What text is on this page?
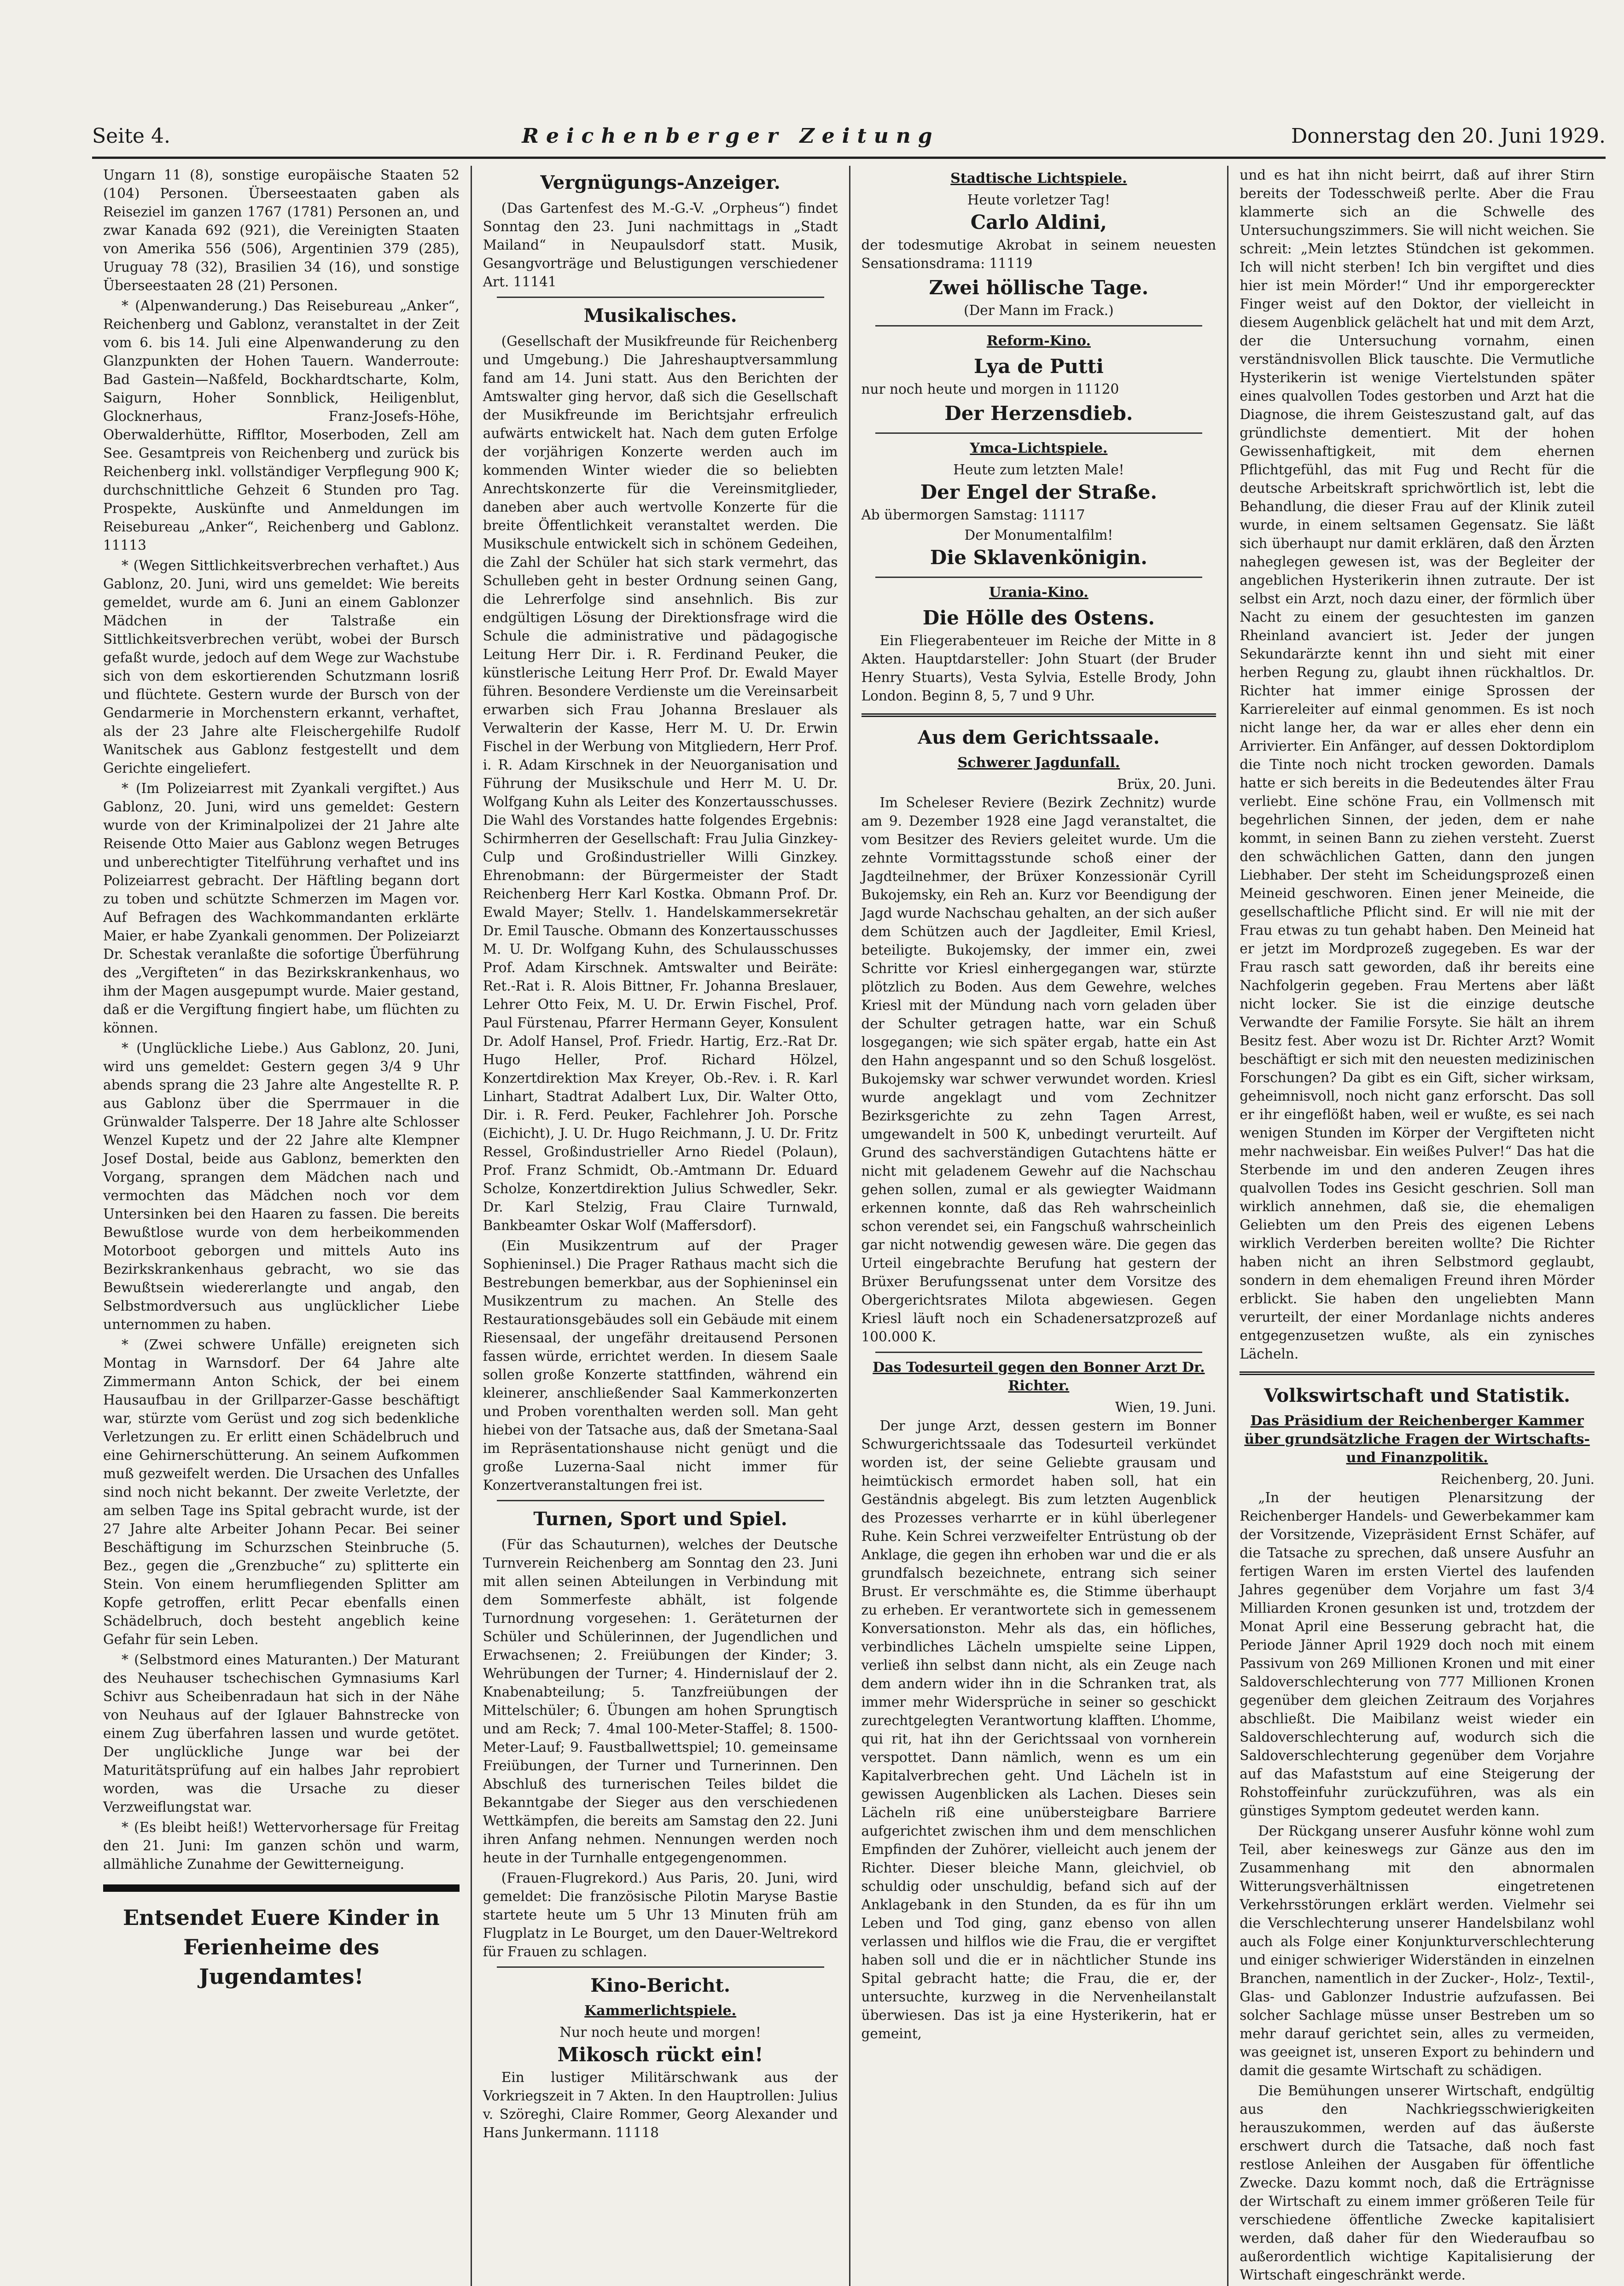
Seite 4.	Reichenberger Zeitung	Donnerstag den 20. Juni 1929.

Ungarn 11 (8), sonstige europäische Staaten 52 (104) Personen. Überseestaaten gaben als Reiseziel im ganzen 1767 (1781) Personen an, und zwar Kanada 692 (921), die Vereinigten Staaten von Amerika 556 (506), Argentinien 379 (285), Uruguay 78 (32), Brasilien 34 (16), und sonstige Überseestaaten 28 (21) Personen.

* (Alpenwanderung.) Das Reisebureau „Anker“, Reichenberg und Gablonz, veranstaltet in der Zeit vom 6. bis 14. Juli eine Alpenwanderung zu den Glanzpunkten der Hohen Tauern. Wanderroute: Bad Gastein—Naßfeld, Bockhardtscharte, Kolm, Saigurn, Hoher Sonnblick, Heiligenblut, Glocknerhaus, Franz-Josefs-Höhe, Oberwalderhütte, Riffltor, Moserboden, Zell am See. Gesamtpreis von Reichenberg und zurück bis Reichenberg inkl. vollständiger Verpflegung 900 K; durchschnittliche Gehzeit 6 Stunden pro Tag. Prospekte, Auskünfte und Anmeldungen im Reisebureau „Anker“, Reichenberg und Gablonz. 11113

* (Wegen Sittlichkeitsverbrechen verhaftet.) Aus Gablonz, 20. Juni, wird uns gemeldet: Wie bereits gemeldet, wurde am 6. Juni an einem Gablonzer Mädchen in der Talstraße ein Sittlichkeitsverbrechen verübt, wobei der Bursch gefaßt wurde, jedoch auf dem Wege zur Wachstube sich von dem eskortierenden Schutzmann losriß und flüchtete. Gestern wurde der Bursch von der Gendarmerie in Morchenstern erkannt, verhaftet, als der 23 Jahre alte Fleischergehilfe Rudolf Wanitschek aus Gablonz festgestellt und dem Gerichte eingeliefert.

* (Im Polizeiarrest mit Zyankali vergiftet.) Aus Gablonz, 20. Juni, wird uns gemeldet: Gestern wurde von der Kriminalpolizei der 21 Jahre alte Reisende Otto Maier aus Gablonz wegen Betruges und unberechtigter Titelführung verhaftet und ins Polizeiarrest gebracht. Der Häftling begann dort zu toben und schützte Schmerzen im Magen vor. Auf Befragen des Wachkommandanten erklärte Maier, er habe Zyankali genommen. Der Polizeiarzt Dr. Schestak veranlaßte die sofortige Überführung des „Vergifteten“ in das Bezirkskrankenhaus, wo ihm der Magen ausgepumpt wurde. Maier gestand, daß er die Vergiftung fingiert habe, um flüchten zu können.

* (Unglückliche Liebe.) Aus Gablonz, 20. Juni, wird uns gemeldet: Gestern gegen 3/4 9 Uhr abends sprang die 23 Jahre alte Angestellte R. P. aus Gablonz über die Sperrmauer in die Grünwalder Talsperre. Der 18 Jahre alte Schlosser Wenzel Kupetz und der 22 Jahre alte Klempner Josef Dostal, beide aus Gablonz, bemerkten den Vorgang, sprangen dem Mädchen nach und vermochten das Mädchen noch vor dem Untersinken bei den Haaren zu fassen. Die bereits Bewußtlose wurde von dem herbeikommenden Motorboot geborgen und mittels Auto ins Bezirkskrankenhaus gebracht, wo sie das Bewußtsein wiedererlangte und angab, den Selbstmordversuch aus unglücklicher Liebe unternommen zu haben.

* (Zwei schwere Unfälle) ereigneten sich Montag in Warnsdorf. Der 64 Jahre alte Zimmermann Anton Schick, der bei einem Hausaufbau in der Grillparzer-Gasse beschäftigt war, stürzte vom Gerüst und zog sich bedenkliche Verletzungen zu. Er erlitt einen Schädelbruch und eine Gehirnerschütterung. An seinem Aufkommen muß gezweifelt werden. Die Ursachen des Unfalles sind noch nicht bekannt. Der zweite Verletzte, der am selben Tage ins Spital gebracht wurde, ist der 27 Jahre alte Arbeiter Johann Pecar. Bei seiner Beschäftigung im Schurzschen Steinbruche (5. Bez., gegen die „Grenzbuche“ zu) splitterte ein Stein. Von einem herumfliegenden Splitter am Kopfe getroffen, erlitt Pecar ebenfalls einen Schädelbruch, doch besteht angeblich keine Gefahr für sein Leben.

* (Selbstmord eines Maturanten.) Der Maturant des Neuhauser tschechischen Gymnasiums Karl Schivr aus Scheibenradaun hat sich in der Nähe von Neuhaus auf der Iglauer Bahnstrecke von einem Zug überfahren lassen und wurde getötet. Der unglückliche Junge war bei der Maturitätsprüfung auf ein halbes Jahr reprobiert worden, was die Ursache zu dieser Verzweiflungstat war.

* (Es bleibt heiß!) Wettervorhersage für Freitag den 21. Juni: Im ganzen schön und warm, allmähliche Zunahme der Gewitterneigung.

Entsendet Euere Kinder in Ferienheime des Jugendamtes!
Vergnügungs-Anzeiger.

(Das Gartenfest des M.-G.-V. „Orpheus“) findet Sonntag den 23. Juni nachmittags in „Stadt Mailand“ in Neupaulsdorf statt. Musik, Gesangvorträge und Belustigungen verschiedener Art. 11141

Musikalisches.

(Gesellschaft der Musikfreunde für Reichenberg und Umgebung.) Die Jahreshauptversammlung fand am 14. Juni statt. Aus den Berichten der Amtswalter ging hervor, daß sich die Gesellschaft der Musikfreunde im Berichtsjahr erfreulich aufwärts entwickelt hat. Nach dem guten Erfolge der vorjährigen Konzerte werden auch im kommenden Winter wieder die so beliebten Anrechtskonzerte für die Vereinsmitglieder, daneben aber auch wertvolle Konzerte für die breite Öffentlichkeit veranstaltet werden. Die Musikschule entwickelt sich in schönem Gedeihen, die Zahl der Schüler hat sich stark vermehrt, das Schulleben geht in bester Ordnung seinen Gang, die Lehrerfolge sind ansehnlich. Bis zur endgültigen Lösung der Direktionsfrage wird die Schule die administrative und pädagogische Leitung Herr Dir. i. R. Ferdinand Peuker, die künstlerische Leitung Herr Prof. Dr. Ewald Mayer führen. Besondere Verdienste um die Vereinsarbeit erwarben sich Frau Johanna Breslauer als Verwalterin der Kasse, Herr M. U. Dr. Erwin Fischel in der Werbung von Mitgliedern, Herr Prof. i. R. Adam Kirschnek in der Neuorganisation und Führung der Musikschule und Herr M. U. Dr. Wolfgang Kuhn als Leiter des Konzertausschusses. Die Wahl des Vorstandes hatte folgendes Ergebnis: Schirmherren der Gesellschaft: Frau Julia Ginzkey-Culp und Großindustrieller Willi Ginzkey. Ehrenobmann: der Bürgermeister der Stadt Reichenberg Herr Karl Kostka. Obmann Prof. Dr. Ewald Mayer; Stellv. 1. Handelskammersekretär Dr. Emil Tausche. Obmann des Konzertausschusses M. U. Dr. Wolfgang Kuhn, des Schulausschusses Prof. Adam Kirschnek. Amtswalter und Beiräte: Ret.-Rat i. R. Alois Bittner, Fr. Johanna Breslauer, Lehrer Otto Feix, M. U. Dr. Erwin Fischel, Prof. Paul Fürstenau, Pfarrer Hermann Geyer, Konsulent Dr. Adolf Hansel, Prof. Friedr. Hartig, Erz.-Rat Dr. Hugo Heller, Prof. Richard Hölzel, Konzertdirektion Max Kreyer, Ob.-Rev. i. R. Karl Linhart, Stadtrat Adalbert Lux, Dir. Walter Otto, Dir. i. R. Ferd. Peuker, Fachlehrer Joh. Porsche (Eichicht), J. U. Dr. Hugo Reichmann, J. U. Dr. Fritz Ressel, Großindustrieller Arno Riedel (Polaun), Prof. Franz Schmidt, Ob.-Amtmann Dr. Eduard Scholze, Konzertdirektion Julius Schwedler, Sekr. Dr. Karl Stelzig, Frau Claire Turnwald, Bankbeamter Oskar Wolf (Maffersdorf).

(Ein Musikzentrum auf der Prager Sophieninsel.) Die Prager Rathaus macht sich die Bestrebungen bemerkbar, aus der Sophieninsel ein Musikzentrum zu machen. An Stelle des Restaurationsgebäudes soll ein Gebäude mit einem Riesensaal, der ungefähr dreitausend Personen fassen würde, errichtet werden. In diesem Saale sollen große Konzerte stattfinden, während ein kleinerer, anschließender Saal Kammerkonzerten und Proben vorenthalten werden soll. Man geht hiebei von der Tatsache aus, daß der Smetana-Saal im Repräsentationshause nicht genügt und die große Luzerna-Saal nicht immer für Konzertveranstaltungen frei ist.

Turnen, Sport und Spiel.

(Für das Schauturnen), welches der Deutsche Turnverein Reichenberg am Sonntag den 23. Juni mit allen seinen Abteilungen in Verbindung mit dem Sommerfeste abhält, ist folgende Turnordnung vorgesehen: 1. Geräteturnen der Schüler und Schülerinnen, der Jugendlichen und Erwachsenen; 2. Freiübungen der Kinder; 3. Wehrübungen der Turner; 4. Hindernislauf der 2. Knabenabteilung; 5. Tanzfreiübungen der Mittelschüler; 6. Übungen am hohen Sprungtisch und am Reck; 7. 4mal 100-Meter-Staffel; 8. 1500-Meter-Lauf; 9. Faustballwettspiel; 10. gemeinsame Freiübungen, der Turner und Turnerinnen. Den Abschluß des turnerischen Teiles bildet die Bekanntgabe der Sieger aus den verschiedenen Wettkämpfen, die bereits am Samstag den 22. Juni ihren Anfang nehmen. Nennungen werden noch heute in der Turnhalle entgegengenommen.

(Frauen-Flugrekord.) Aus Paris, 20. Juni, wird gemeldet: Die französische Pilotin Maryse Bastie startete heute um 5 Uhr 13 Minuten früh am Flugplatz in Le Bourget, um den Dauer-Weltrekord für Frauen zu schlagen.

Kino-Bericht.
Kammerlichtspiele.
Nur noch heute und morgen!
Mikosch rückt ein!

Ein lustiger Militärschwank aus der Vorkriegszeit in 7 Akten. In den Hauptrollen: Julius v. Szöreghi, Claire Rommer, Georg Alexander und Hans Junkermann. 11118

Stadtische Lichtspiele.
Heute vorletzer Tag!
Carlo Aldini,

der todesmutige Akrobat in seinem neuesten Sensationsdrama: 11119

Zwei höllische Tage.
(Der Mann im Frack.)
Reform-Kino.
Lya de Putti

nur noch heute und morgen in 11120

Der Herzensdieb.
Ymca-Lichtspiele.
Heute zum letzten Male!
Der Engel der Straße.

Ab übermorgen Samstag: 11117

Der Monumentalfilm!
Die Sklavenkönigin.
Urania-Kino.
Die Hölle des Ostens.

Ein Fliegerabenteuer im Reiche der Mitte in 8 Akten. Hauptdarsteller: John Stuart (der Bruder Henry Stuarts), Vesta Sylvia, Estelle Brody, John London. Beginn 8, 5, 7 und 9 Uhr.

Aus dem Gerichtssaale.
Schwerer Jagdunfall.
Brüx, 20. Juni.

Im Scheleser Reviere (Bezirk Zechnitz) wurde am 9. Dezember 1928 eine Jagd veranstaltet, die vom Besitzer des Reviers geleitet wurde. Um die zehnte Vormittagsstunde schoß einer der Jagdteilnehmer, der Brüxer Konzessionär Cyrill Bukojemsky, ein Reh an. Kurz vor Beendigung der Jagd wurde Nachschau gehalten, an der sich außer dem Schützen auch der Jagdleiter, Emil Kriesl, beteiligte. Bukojemsky, der immer ein, zwei Schritte vor Kriesl einhergegangen war, stürzte plötzlich zu Boden. Aus dem Gewehre, welches Kriesl mit der Mündung nach vorn geladen über der Schulter getragen hatte, war ein Schuß losgegangen; wie sich später ergab, hatte ein Ast den Hahn angespannt und so den Schuß losgelöst. Bukojemsky war schwer verwundet worden. Kriesl wurde angeklagt und vom Zechnitzer Bezirksgerichte zu zehn Tagen Arrest, umgewandelt in 500 K, unbedingt verurteilt. Auf Grund des sachverständigen Gutachtens hätte er nicht mit geladenem Gewehr auf die Nachschau gehen sollen, zumal er als gewiegter Waidmann erkennen konnte, daß das Reh wahrscheinlich schon verendet sei, ein Fangschuß wahrscheinlich gar nicht notwendig gewesen wäre. Die gegen das Urteil eingebrachte Berufung hat gestern der Brüxer Berufungssenat unter dem Vorsitze des Obergerichtsrates Milota abgewiesen. Gegen Kriesl läuft noch ein Schadenersatzprozeß auf 100.000 K.

Das Todesurteil gegen den Bonner Arzt Dr. Richter.
Wien, 19. Juni.

Der junge Arzt, dessen gestern im Bonner Schwurgerichtssaale das Todesurteil verkündet worden ist, der seine Geliebte grausam und heimtückisch ermordet haben soll, hat ein Geständnis abgelegt. Bis zum letzten Augenblick des Prozesses verharrte er in kühl überlegener Ruhe. Kein Schrei verzweifelter Entrüstung ob der Anklage, die gegen ihn erhoben war und die er als grundfalsch bezeichnete, entrang sich seiner Brust. Er verschmähte es, die Stimme überhaupt zu erheben. Er verantwortete sich in gemessenem Konversationston. Mehr als das, ein höfliches, verbindliches Lächeln umspielte seine Lippen, verließ ihn selbst dann nicht, als ein Zeuge nach dem andern wider ihn in die Schranken trat, als immer mehr Widersprüche in seiner so geschickt zurechtgelegten Verantwortung klafften. L’homme, qui rit, hat ihn der Gerichtssaal von vornherein verspottet. Dann nämlich, wenn es um ein Kapitalverbrechen geht. Und Lächeln ist in gewissen Augenblicken als Lachen. Dieses sein Lächeln riß eine unübersteigbare Barriere aufgerichtet zwischen ihm und dem menschlichen Empfinden der Zuhörer, vielleicht auch jenem der Richter. Dieser bleiche Mann, gleichviel, ob schuldig oder unschuldig, befand sich auf der Anklagebank in den Stunden, da es für ihn um Leben und Tod ging, ganz ebenso von allen verlassen und hilflos wie die Frau, die er vergiftet haben soll und die er in nächtlicher Stunde ins Spital gebracht hatte; die Frau, die er, der untersuchte, kurzweg in die Nervenheilanstalt überwiesen. Das ist ja eine Hysterikerin, hat er gemeint,

und es hat ihn nicht beirrt, daß auf ihrer Stirn bereits der Todesschweiß perlte. Aber die Frau klammerte sich an die Schwelle des Untersuchungszimmers. Sie will nicht weichen. Sie schreit: „Mein letztes Stündchen ist gekommen. Ich will nicht sterben! Ich bin vergiftet und dies hier ist mein Mörder!“ Und ihr emporgereckter Finger weist auf den Doktor, der vielleicht in diesem Augenblick gelächelt hat und mit dem Arzt, der die Untersuchung vornahm, einen verständnisvollen Blick tauschte. Die Vermutliche Hysterikerin ist wenige Viertelstunden später eines qualvollen Todes gestorben und Arzt hat die Diagnose, die ihrem Geisteszustand galt, auf das gründlichste dementiert. Mit der hohen Gewissenhaftigkeit, mit dem ehernen Pflichtgefühl, das mit Fug und Recht für die deutsche Arbeitskraft sprichwörtlich ist, lebt die Behandlung, die dieser Frau auf der Klinik zuteil wurde, in einem seltsamen Gegensatz. Sie läßt sich überhaupt nur damit erklären, daß den Ärzten naheglegen gewesen ist, was der Begleiter der angeblichen Hysterikerin ihnen zutraute. Der ist selbst ein Arzt, noch dazu einer, der förmlich über Nacht zu einem der gesuchtesten im ganzen Rheinland avanciert ist. Jeder der jungen Sekundarärzte kennt ihn und sieht mit einer herben Regung zu, glaubt ihnen rückhaltlos. Dr. Richter hat immer einige Sprossen der Karriereleiter auf einmal genommen. Es ist noch nicht lange her, da war er alles eher denn ein Arrivierter. Ein Anfänger, auf dessen Doktordiplom die Tinte noch nicht trocken geworden. Damals hatte er sich bereits in die Bedeutendes älter Frau verliebt. Eine schöne Frau, ein Vollmensch mit begehrlichen Sinnen, der jeden, dem er nahe kommt, in seinen Bann zu ziehen versteht. Zuerst den schwächlichen Gatten, dann den jungen Liebhaber. Der steht im Scheidungsprozeß einen Meineid geschworen. Einen jener Meineide, die gesellschaftliche Pflicht sind. Er will nie mit der Frau etwas zu tun gehabt haben. Den Meineid hat er jetzt im Mordprozeß zugegeben. Es war der Frau rasch satt geworden, daß ihr bereits eine Nachfolgerin gegeben. Frau Mertens aber läßt nicht locker. Sie ist die einzige deutsche Verwandte der Familie Forsyte. Sie hält an ihrem Besitz fest. Aber wozu ist Dr. Richter Arzt? Womit beschäftigt er sich mit den neuesten medizinischen Forschungen? Da gibt es ein Gift, sicher wirksam, geheimnisvoll, noch nicht ganz erforscht. Das soll er ihr eingeflößt haben, weil er wußte, es sei nach wenigen Stunden im Körper der Vergifteten nicht mehr nachweisbar. Ein weißes Pulver!“ Das hat die Sterbende im und den anderen Zeugen ihres qualvollen Todes ins Gesicht geschrien. Soll man wirklich annehmen, daß sie, die ehemaligen Geliebten um den Preis des eigenen Lebens wirklich Verderben bereiten wollte? Die Richter haben nicht an ihren Selbstmord geglaubt, sondern in dem ehemaligen Freund ihren Mörder erblickt. Sie haben den ungeliebten Mann verurteilt, der einer Mordanlage nichts anderes entgegenzusetzen wußte, als ein zynisches Lächeln.

Volkswirtschaft und Statistik.
Das Präsidium der Reichenberger Kammer über grundsätzliche Fragen der Wirtschafts- und Finanzpolitik.
Reichenberg, 20. Juni.

„In der heutigen Plenarsitzung der Reichenberger Handels- und Gewerbekammer kam der Vorsitzende, Vizepräsident Ernst Schäfer, auf die Tatsache zu sprechen, daß unsere Ausfuhr an fertigen Waren im ersten Viertel des laufenden Jahres gegenüber dem Vorjahre um fast 3/4 Milliarden Kronen gesunken ist und, trotzdem der Monat April eine Besserung gebracht hat, die Periode Jänner April 1929 doch noch mit einem Passivum von 269 Millionen Kronen und mit einer Saldoverschlechterung von 777 Millionen Kronen gegenüber dem gleichen Zeitraum des Vorjahres abschließt. Die Maibilanz weist wieder ein Saldoverschlechterung auf, wodurch sich die Saldoverschlechterung gegenüber dem Vorjahre auf das Mafaststum auf eine Steigerung der Rohstoffeinfuhr zurückzuführen, was als ein günstiges Symptom gedeutet werden kann.

Der Rückgang unserer Ausfuhr könne wohl zum Teil, aber keineswegs zur Gänze aus den im Zusammenhang mit den abnormalen Witterungsverhältnissen eingetretenen Verkehrsstörungen erklärt werden. Vielmehr sei die Verschlechterung unserer Handelsbilanz wohl auch als Folge einer Konjunkturverschlechterung und einiger schwieriger Widerständen in einzelnen Branchen, namentlich in der Zucker-, Holz-, Textil-, Glas- und Gablonzer Industrie aufzufassen. Bei solcher Sachlage müsse unser Bestreben um so mehr darauf gerichtet sein, alles zu vermeiden, was geeignet ist, unseren Export zu behindern und damit die gesamte Wirtschaft zu schädigen.

Die Bemühungen unserer Wirtschaft, endgültig aus den Nachkriegsschwierigkeiten herauszukommen, werden auf das äußerste erschwert durch die Tatsache, daß noch fast restlose Anleihen der Ausgaben für öffentliche Zwecke. Dazu kommt noch, daß die Erträgnisse der Wirtschaft zu einem immer größeren Teile für verschiedene öffentliche Zwecke kapitalisiert werden, daß daher für den Wiederaufbau so außerordentlich wichtige Kapitalisierung der Wirtschaft eingeschränkt werde.
